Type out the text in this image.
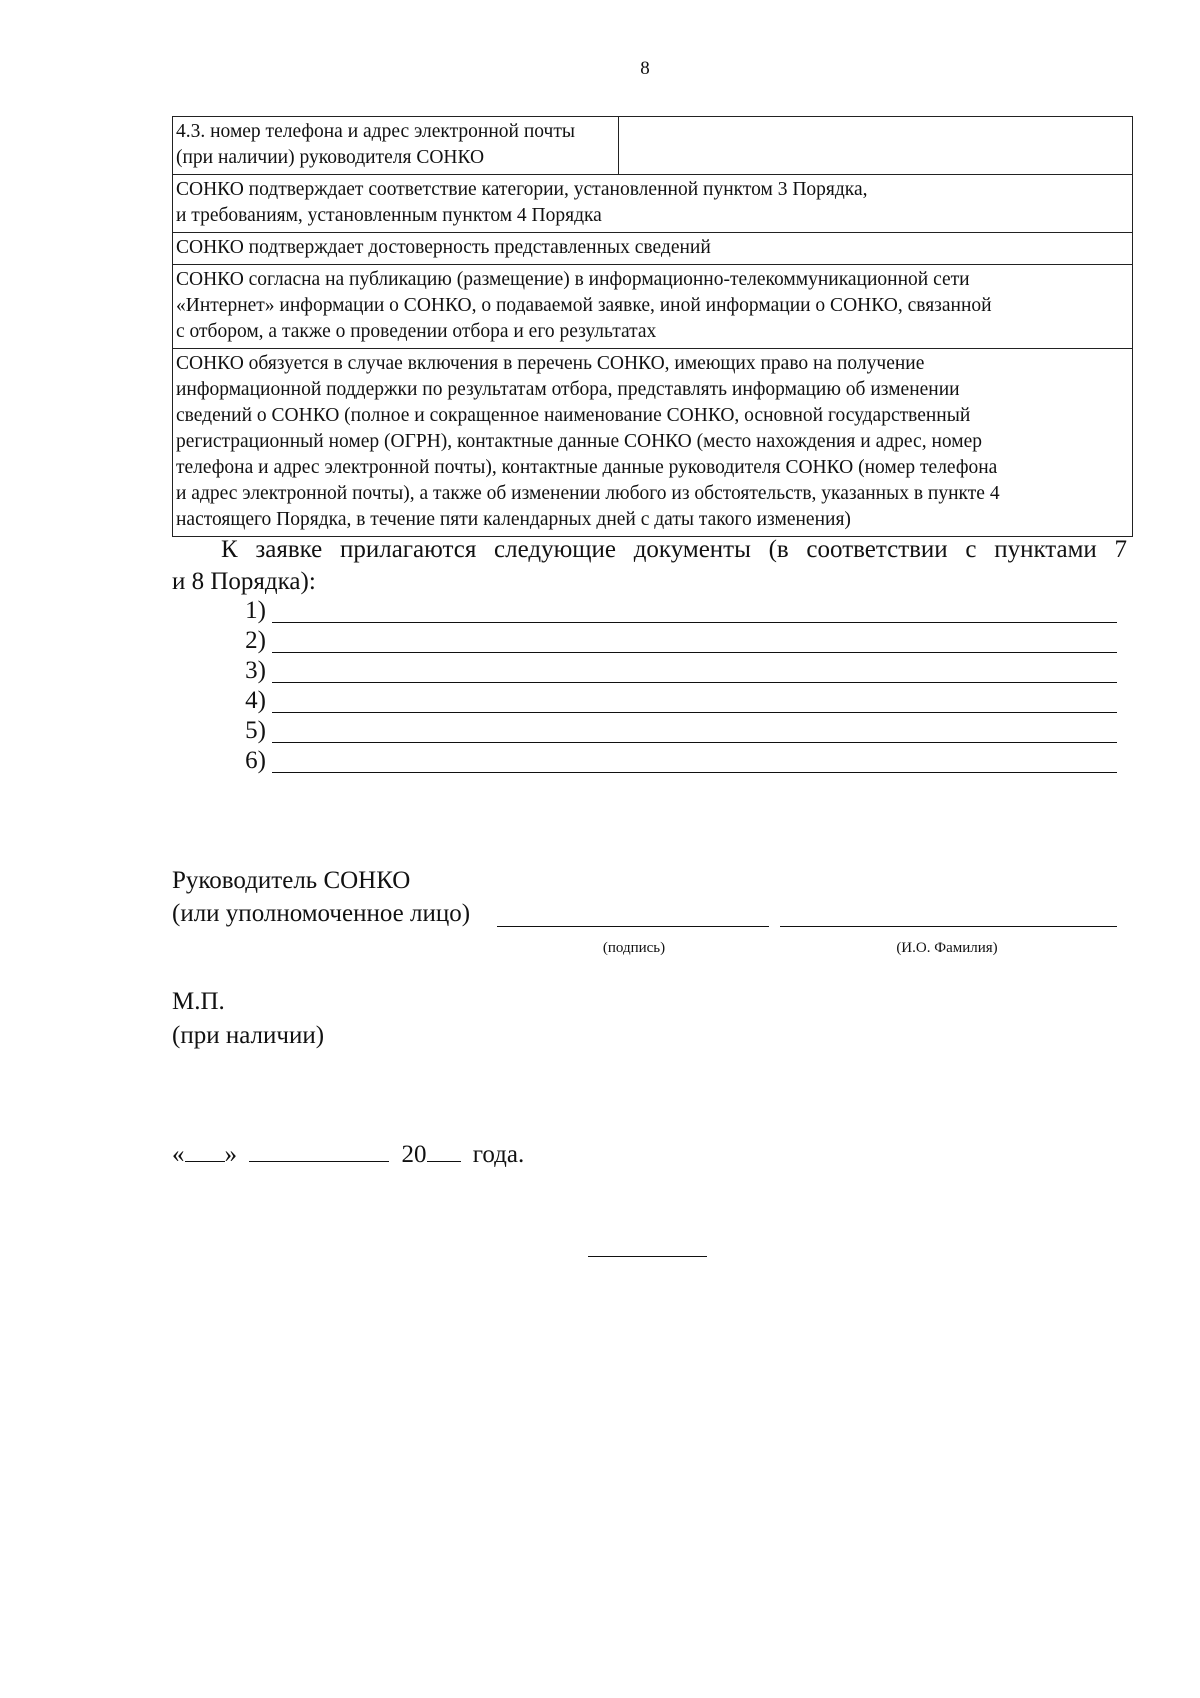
8
4.3. номер телефона и адрес электронной почты
(при наличии) руководителя СОНКО

СОНКО подтверждает соответствие категории, установленной пунктом 3 Порядка,
и требованиям, установленным пунктом 4 Порядка

СОНКО подтверждает достоверность представленных сведений

СОНКО согласна на публикацию (размещение) в информационно-телекоммуникационной сети
«Интернет» информации о СОНКО, о подаваемой заявке, иной информации о СОНКО, связанной
с отбором, а также о проведении отбора и его результатах

СОНКО обязуется в случае включения в перечень СОНКО, имеющих право на получение
информационной поддержки по результатам отбора, представлять информацию об изменении
сведений о СОНКО (полное и сокращенное наименование СОНКО, основной государственный
регистрационный номер (ОГРН), контактные данные СОНКО (место нахождения и адрес, номер
телефона и адрес электронной почты), контактные данные руководителя СОНКО (номер телефона
и адрес электронной почты), а также об изменении любого из обстоятельств, указанных в пункте 4
настоящего Порядка, в течение пяти календарных дней с даты такого изменения)
К заявке прилагаются следующие документы (в соответствии с пунктами 7
и 8 Порядка):
1)
2)
3)
4)
5)
6)
Руководитель СОНКО
(или уполномоченное лицо)
(подпись)	(И.О. Фамилия)
М.П.
(при наличии)
« »	20 года.
